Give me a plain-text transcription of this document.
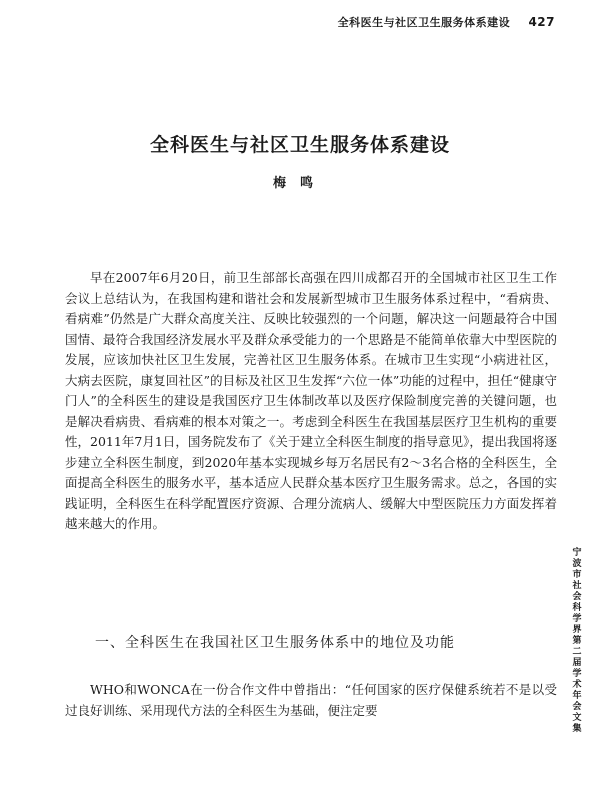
全科医生与社区卫生服务体系建设 427
全科医生与社区卫生服务体系建设
梅鸣

早在2007年6月20日，前卫生部部长高强在四川成都召开的全国城市社区卫生工作会议上总结认为，在我国构建和谐社会和发展新型城市卫生服务体系过程中，“看病贵、看病难”仍然是广大群众高度关注、反映比较强烈的一个问题，解决这一问题最符合中国国情、最符合我国经济发展水平及群众承受能力的一个思路是不能简单依靠大中型医院的发展，应该加快社区卫生发展，完善社区卫生服务体系。在城市卫生实现“小病进社区，大病去医院，康复回社区”的目标及社区卫生发挥“六位一体”功能的过程中，担任“健康守门人”的全科医生的建设是我国医疗卫生体制改革以及医疗保险制度完善的关键问题，也是解决看病贵、看病难的根本对策之一。考虑到全科医生在我国基层医疗卫生机构的重要性，2011年7月1日，国务院发布了《关于建立全科医生制度的指导意见》，提出我国将逐步建立全科医生制度，到2020年基本实现城乡每万名居民有2～3名合格的全科医生，全面提高全科医生的服务水平，基本适应人民群众基本医疗卫生服务需求。总之，各国的实践证明，全科医生在科学配置医疗资源、合理分流病人、缓解大中型医院压力方面发挥着越来越大的作用。

一、全科医生在我国社区卫生服务体系中的地位及功能

WHO和WONCA在一份合作文件中曾指出：“任何国家的医疗保健系统若不是以受过良好训练、采用现代方法的全科医生为基础，便注定要

宁波市社会科学界第二届学术年会文集
